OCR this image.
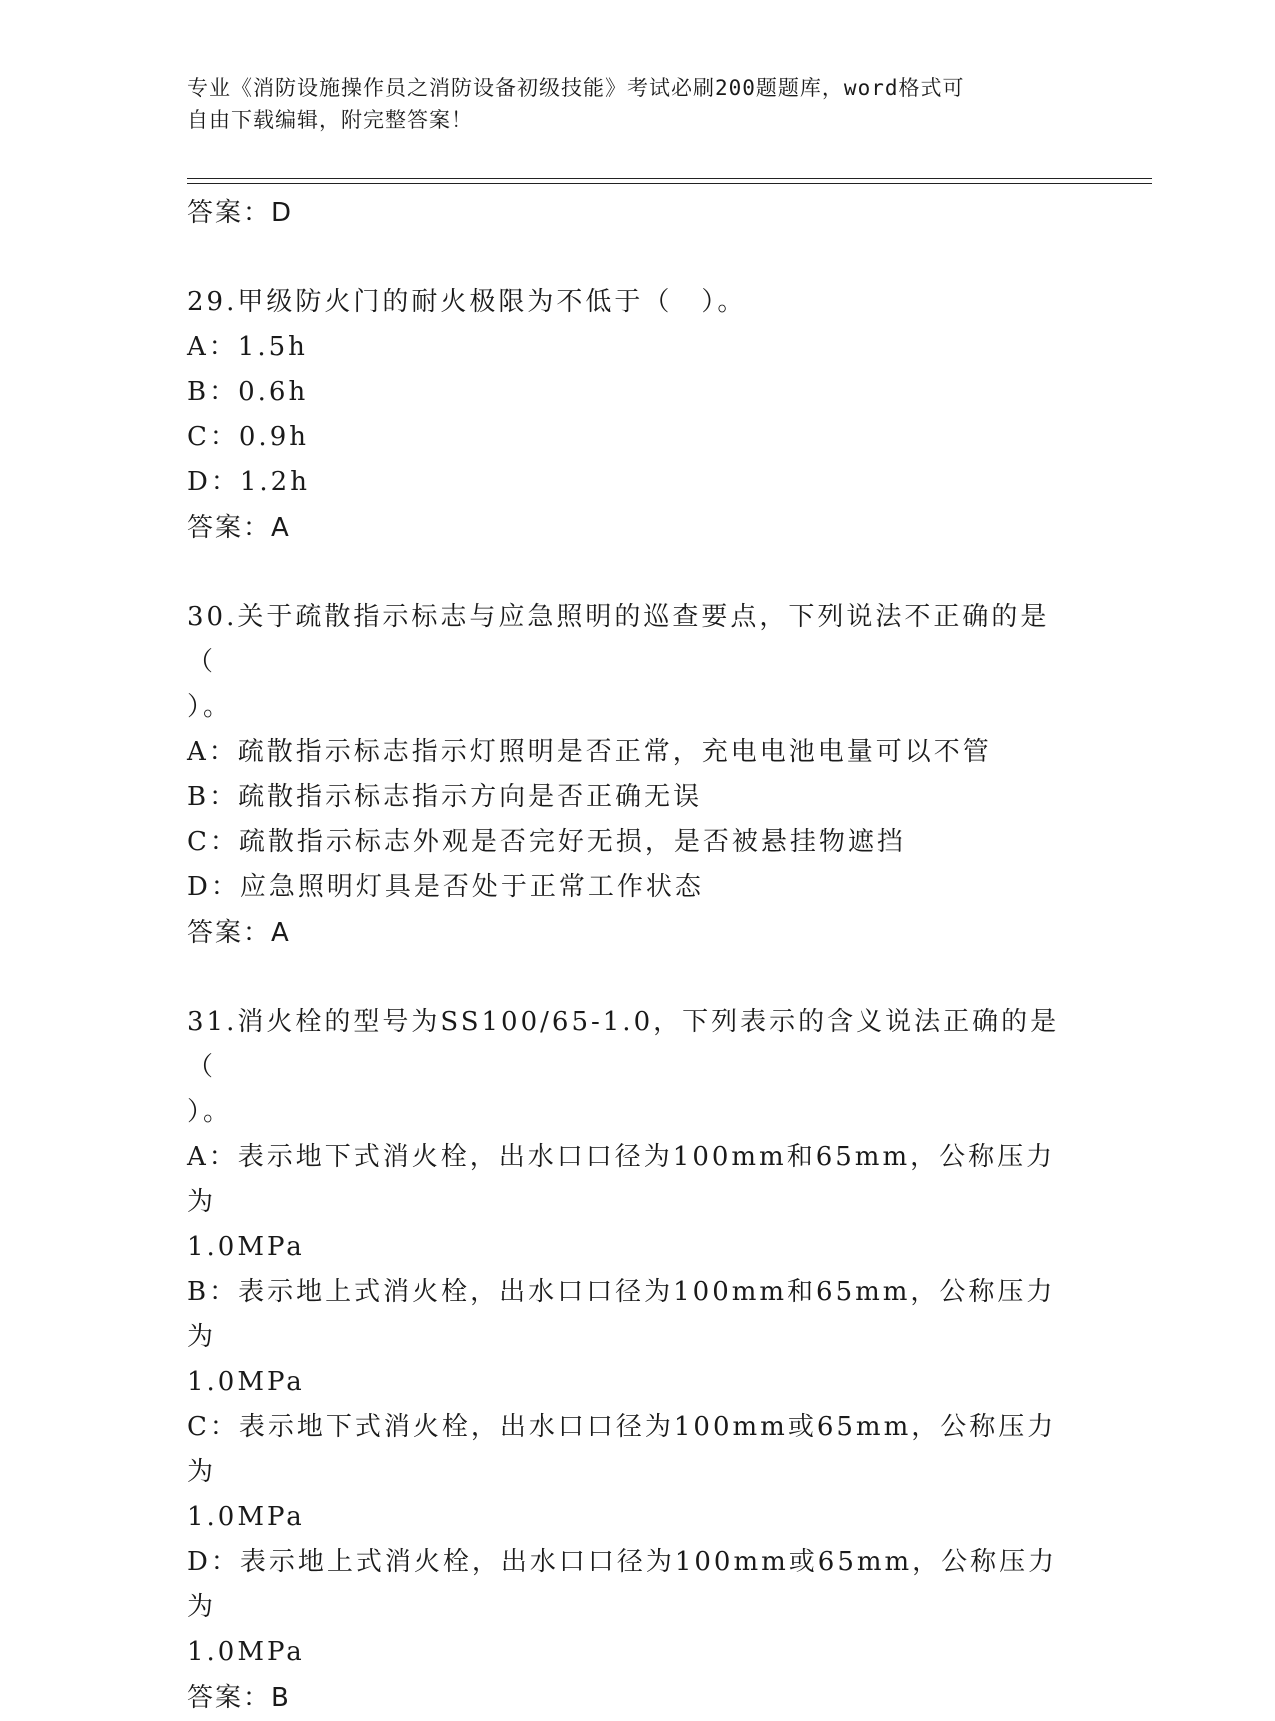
专业《消防设施操作员之消防设备初级技能》考试必刷200题题库，word格式可
自由下载编辑，附完整答案！
答案：D
29.甲级防火门的耐火极限为不低于（　）。
A：1.5h
B：0.6h
C：0.9h
D：1.2h
答案：A
30.关于疏散指示标志与应急照明的巡查要点，下列说法不正确的是（
）。
A：疏散指示标志指示灯照明是否正常，充电电池电量可以不管
B：疏散指示标志指示方向是否正确无误
C：疏散指示标志外观是否完好无损，是否被悬挂物遮挡
D：应急照明灯具是否处于正常工作状态
答案：A
31.消火栓的型号为SS100/65-1.0，下列表示的含义说法正确的是（
）。
A：表示地下式消火栓，出水口口径为100mm和65mm，公称压力为
1.0MPa
B：表示地上式消火栓，出水口口径为100mm和65mm，公称压力为
1.0MPa
C：表示地下式消火栓，出水口口径为100mm或65mm，公称压力为
1.0MPa
D：表示地上式消火栓，出水口口径为100mm或65mm，公称压力为
1.0MPa
答案：B
